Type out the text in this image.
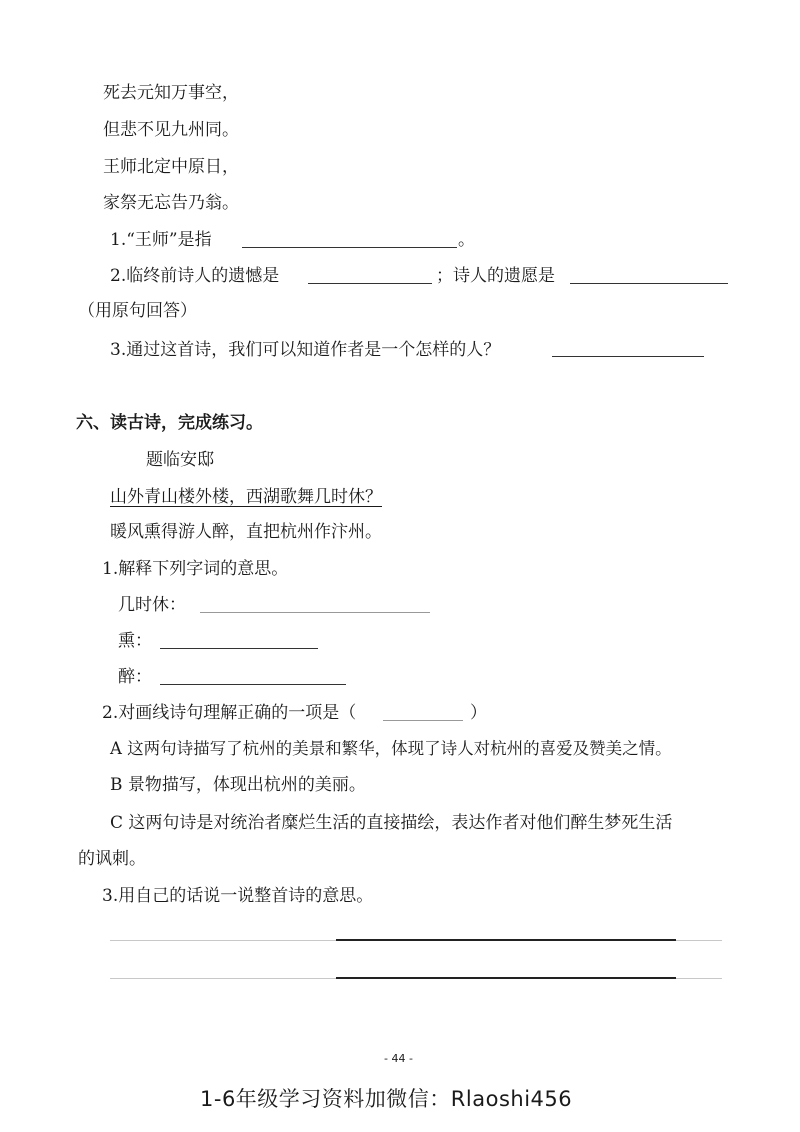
死去元知万事空，
但悲不见九州同。
王师北定中原日，
家祭无忘告乃翁。
1.“王师”是指	。
2.临终前诗人的遗憾是	；诗人的遗愿是
（用原句回答）
3.通过这首诗，我们可以知道作者是一个怎样的人？
六、读古诗，完成练习。
题临安邸
山外青山楼外楼，西湖歌舞几时休？
暖风熏得游人醉，直把杭州作汴州。
1.解释下列字词的意思。
几时休：
熏：
醉：
2.对画线诗句理解正确的一项是（	）
A 这两句诗描写了杭州的美景和繁华，体现了诗人对杭州的喜爱及赞美之情。
B 景物描写，体现出杭州的美丽。
C 这两句诗是对统治者糜烂生活的直接描绘，表达作者对他们醉生梦死生活
的讽刺。
3.用自己的话说一说整首诗的意思。
- 44 -
1-6年级学习资料加微信：Rlaoshi456
